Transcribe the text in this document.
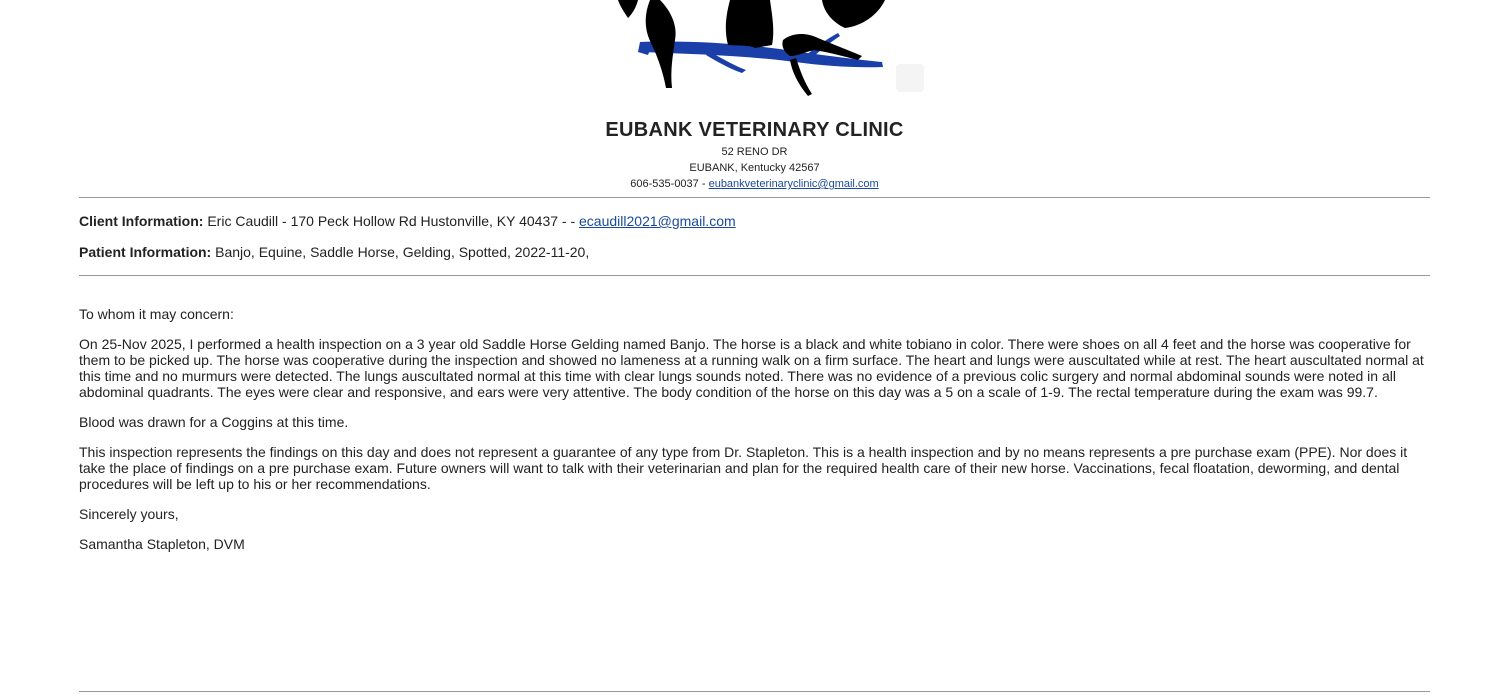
EUBANK VETERINARY CLINIC
52 RENO DR
EUBANK, Kentucky 42567
606-535-0037 - eubankveterinaryclinic@gmail.com
Client Information: Eric Caudill - 170 Peck Hollow Rd Hustonville, KY 40437 - - ecaudill2021@gmail.com
Patient Information: Banjo, Equine, Saddle Horse, Gelding, Spotted, 2022-11-20,

To whom it may concern:

On 25-Nov 2025, I performed a health inspection on a 3 year old Saddle Horse Gelding named Banjo. The horse is a black and white tobiano in color. There were shoes on all 4 feet and the horse was cooperative for them to be picked up. The horse was cooperative during the inspection and showed no lameness at a running walk on a firm surface. The heart and lungs were auscultated while at rest. The heart auscultated normal at this time and no murmurs were detected. The lungs auscultated normal at this time with clear lungs sounds noted. There was no evidence of a previous colic surgery and normal abdominal sounds were noted in all abdominal quadrants. The eyes were clear and responsive, and ears were very attentive. The body condition of the horse on this day was a 5 on a scale of 1-9. The rectal temperature during the exam was 99.7.

Blood was drawn for a Coggins at this time.

This inspection represents the findings on this day and does not represent a guarantee of any type from Dr. Stapleton. This is a health inspection and by no means represents a pre purchase exam (PPE). Nor does it take the place of findings on a pre purchase exam. Future owners will want to talk with their veterinarian and plan for the required health care of their new horse. Vaccinations, fecal floatation, deworming, and dental procedures will be left up to his or her recommendations.

Sincerely yours,

Samantha Stapleton, DVM
